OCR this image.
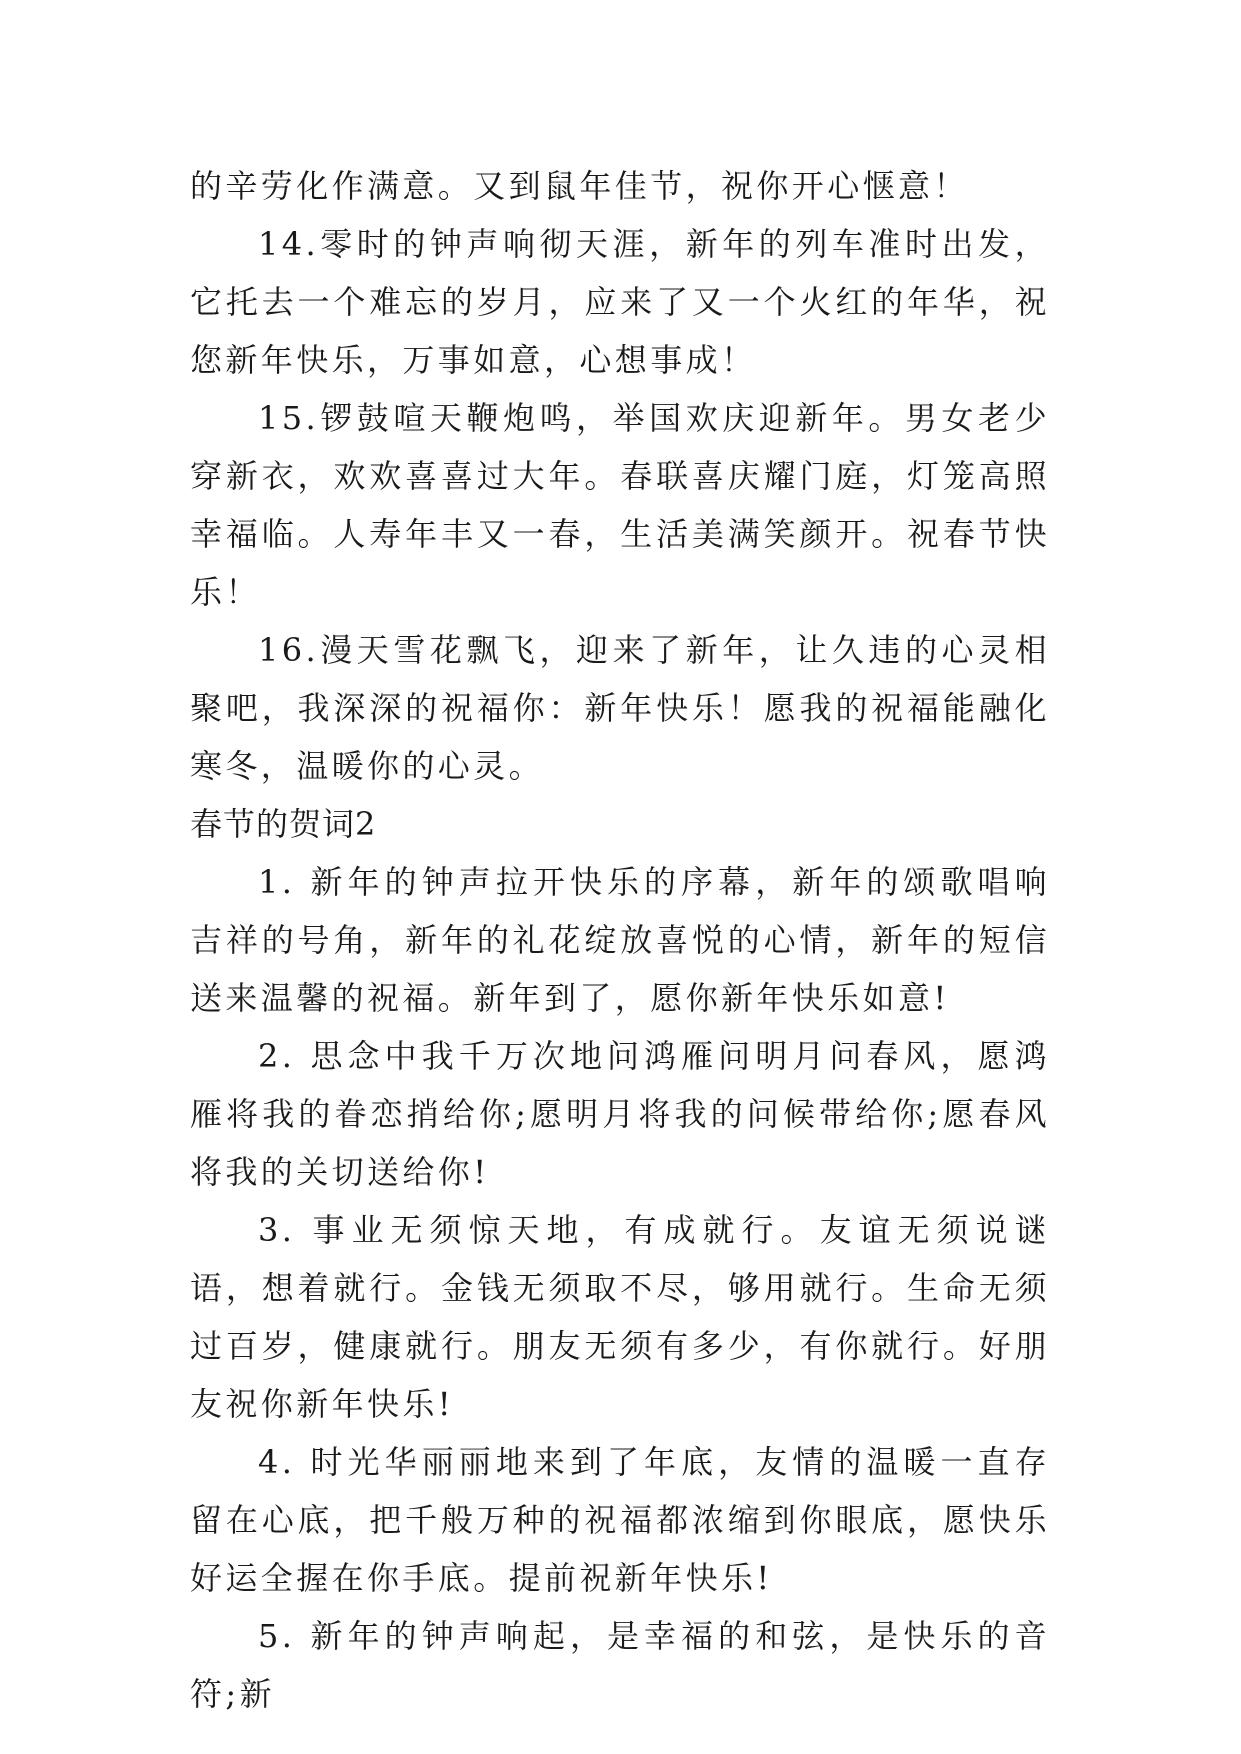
的辛劳化作满意。又到鼠年佳节，祝你开心惬意！

14.零时的钟声响彻天涯，新年的列车准时出发，它托去一个难忘的岁月，应来了又一个火红的年华，祝您新年快乐，万事如意，心想事成！

15.锣鼓喧天鞭炮鸣，举国欢庆迎新年。男女老少穿新衣，欢欢喜喜过大年。春联喜庆耀门庭，灯笼高照幸福临。人寿年丰又一春，生活美满笑颜开。祝春节快乐！

16.漫天雪花飘飞，迎来了新年，让久违的心灵相聚吧，我深深的祝福你：新年快乐！愿我的祝福能融化寒冬，温暖你的心灵。

春节的贺词2

1. 新年的钟声拉开快乐的序幕，新年的颂歌唱响吉祥的号角，新年的礼花绽放喜悦的心情，新年的短信送来温馨的祝福。新年到了，愿你新年快乐如意!

2. 思念中我千万次地问鸿雁问明月问春风，愿鸿雁将我的眷恋捎给你;愿明月将我的问候带给你;愿春风将我的关切送给你!

3. 事业无须惊天地，有成就行。友谊无须说谜语，想着就行。金钱无须取不尽，够用就行。生命无须过百岁，健康就行。朋友无须有多少，有你就行。好朋友祝你新年快乐!

4. 时光华丽丽地来到了年底，友情的温暖一直存留在心底，把千般万种的祝福都浓缩到你眼底，愿快乐好运全握在你手底。提前祝新年快乐!

5. 新年的钟声响起，是幸福的和弦，是快乐的音符;新
